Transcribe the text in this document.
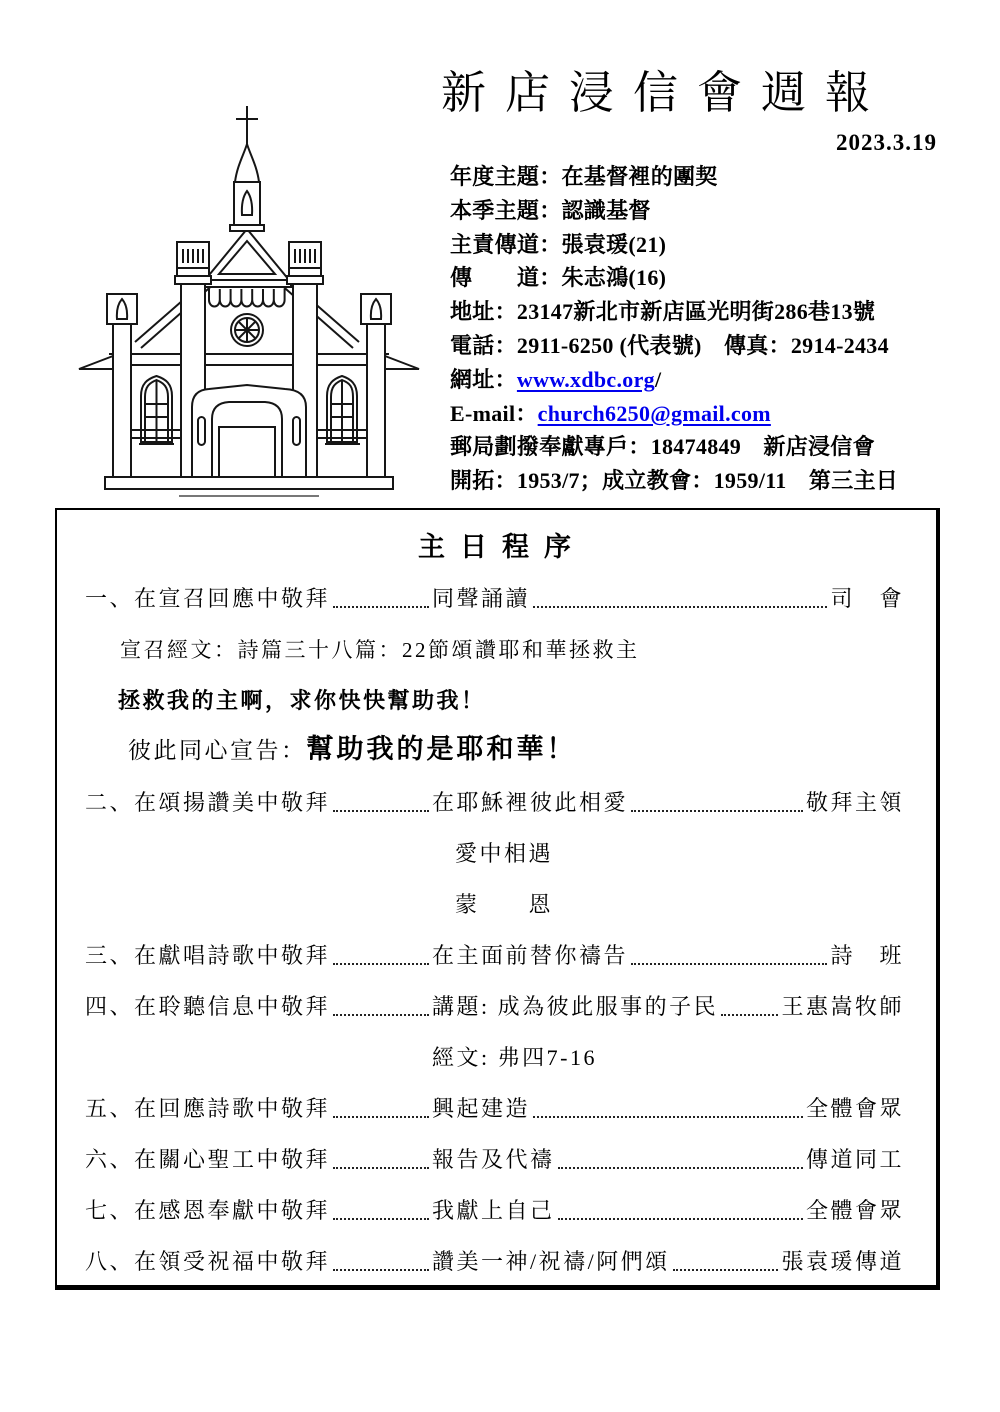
新店浸信會週報
2023.3.19
年度主題：在基督裡的團契
本季主題：認識基督
主責傳道：張袁瑗(21)
傳　　道：朱志鴻(16)
地址：23147新北市新店區光明街286巷13號
電話：2911-6250 (代表號)　傳真：2914-2434
網址：www.xdbc.org/
E-mail：church6250@gmail.com
郵局劃撥奉獻專戶：18474849　新店浸信會
開拓：1953/7；成立教會：1959/11　第三主日
主日程序
一、在宣召回應中敬拜	同聲誦讀	司　會
宣召經文：詩篇三十八篇：22節頌讚耶和華拯救主
拯救我的主啊，求你快快幫助我！
彼此同心宣告：幫助我的是耶和華！
二、在頌揚讚美中敬拜	在耶穌裡彼此相愛	敬拜主領
愛中相遇
蒙　　恩
三、在獻唱詩歌中敬拜	在主面前替你禱告	詩　班
四、在聆聽信息中敬拜	講題: 成為彼此服事的子民	王惠嵩牧師
經文: 弗四7-16
五、在回應詩歌中敬拜	興起建造	全體會眾
六、在關心聖工中敬拜	報告及代禱	傳道同工
七、在感恩奉獻中敬拜	我獻上自己	全體會眾
八、在領受祝福中敬拜	讚美一神/祝禱/阿們頌	張袁瑗傳道
